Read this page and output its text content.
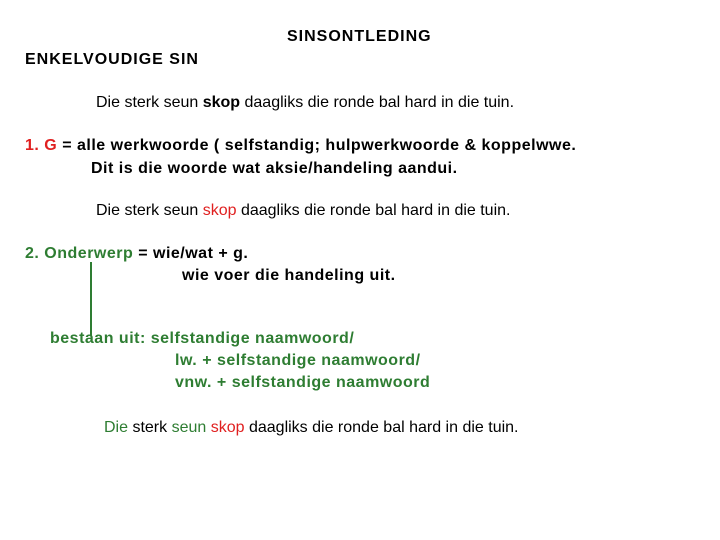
SINSONTLEDING
ENKELVOUDIGE SIN
Die sterk seun skop daagliks die ronde bal hard in die tuin.
1. G = alle werkwoorde ( selfstandig; hulpwerkwoorde & koppelwwe.
Dit is die woorde wat aksie/handeling aandui.
Die sterk seun skop daagliks die ronde bal hard in die tuin.
2. Onderwerp = wie/wat + g.
wie voer die handeling uit.
bestaan uit: selfstandige naamwoord/
lw. + selfstandige naamwoord/
vnw. + selfstandige naamwoord
Die sterk seun skop daagliks die ronde bal hard in die tuin.
